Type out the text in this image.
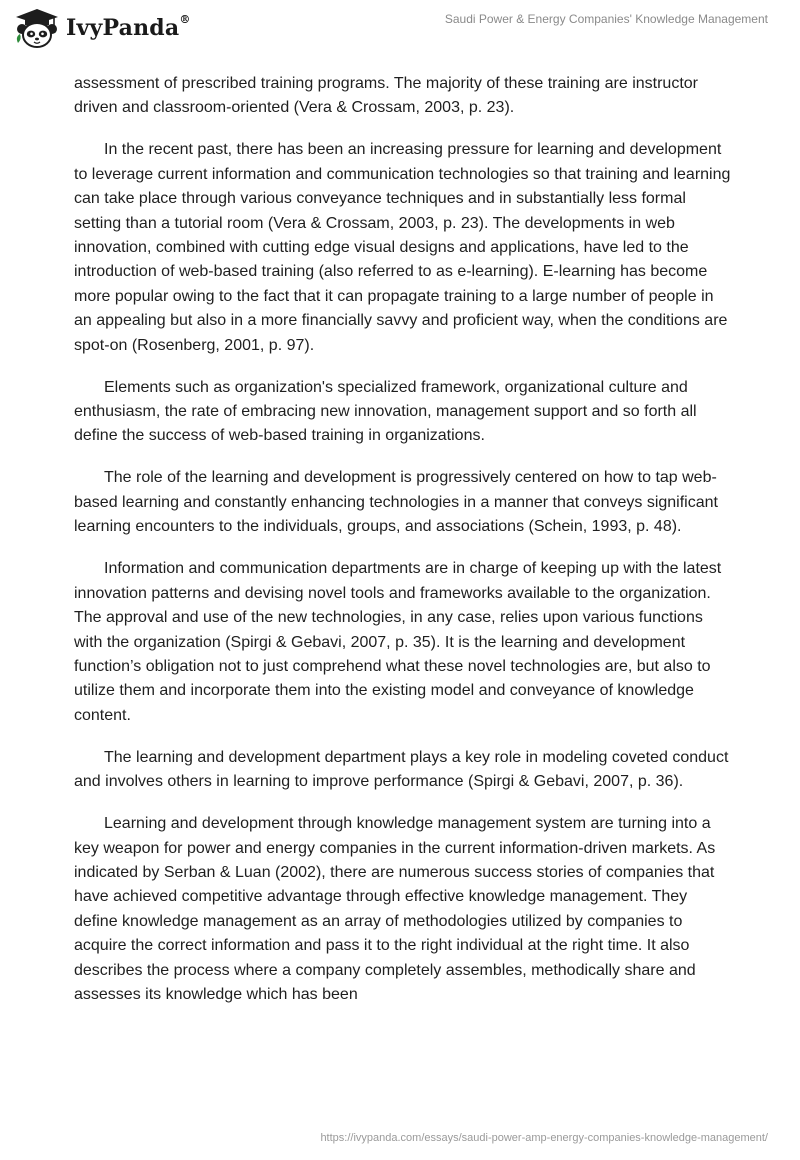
IvyPanda®	Saudi Power & Energy Companies' Knowledge Management

assessment of prescribed training programs. The majority of these training are instructor driven and classroom-oriented (Vera & Crossam, 2003, p. 23).

In the recent past, there has been an increasing pressure for learning and development to leverage current information and communication technologies so that training and learning can take place through various conveyance techniques and in substantially less formal setting than a tutorial room (Vera & Crossam, 2003, p. 23). The developments in web innovation, combined with cutting edge visual designs and applications, have led to the introduction of web-based training (also referred to as e-learning). E-learning has become more popular owing to the fact that it can propagate training to a large number of people in an appealing but also in a more financially savvy and proficient way, when the conditions are spot-on (Rosenberg, 2001, p. 97).

Elements such as organization's specialized framework, organizational culture and enthusiasm, the rate of embracing new innovation, management support and so forth all define the success of web-based training in organizations.

The role of the learning and development is progressively centered on how to tap web-based learning and constantly enhancing technologies in a manner that conveys significant learning encounters to the individuals, groups, and associations (Schein, 1993, p. 48).

Information and communication departments are in charge of keeping up with the latest innovation patterns and devising novel tools and frameworks available to the organization. The approval and use of the new technologies, in any case, relies upon various functions with the organization (Spirgi & Gebavi, 2007, p. 35). It is the learning and development function’s obligation not to just comprehend what these novel technologies are, but also to utilize them and incorporate them into the existing model and conveyance of knowledge content.

The learning and development department plays a key role in modeling coveted conduct and involves others in learning to improve performance (Spirgi & Gebavi, 2007, p. 36).

Learning and development through knowledge management system are turning into a key weapon for power and energy companies in the current information-driven markets. As indicated by Serban & Luan (2002), there are numerous success stories of companies that have achieved competitive advantage through effective knowledge management. They define knowledge management as an array of methodologies utilized by companies to acquire the correct information and pass it to the right individual at the right time. It also describes the process where a company completely assembles, methodically share and assesses its knowledge which has been

https://ivypanda.com/essays/saudi-power-amp-energy-companies-knowledge-management/
